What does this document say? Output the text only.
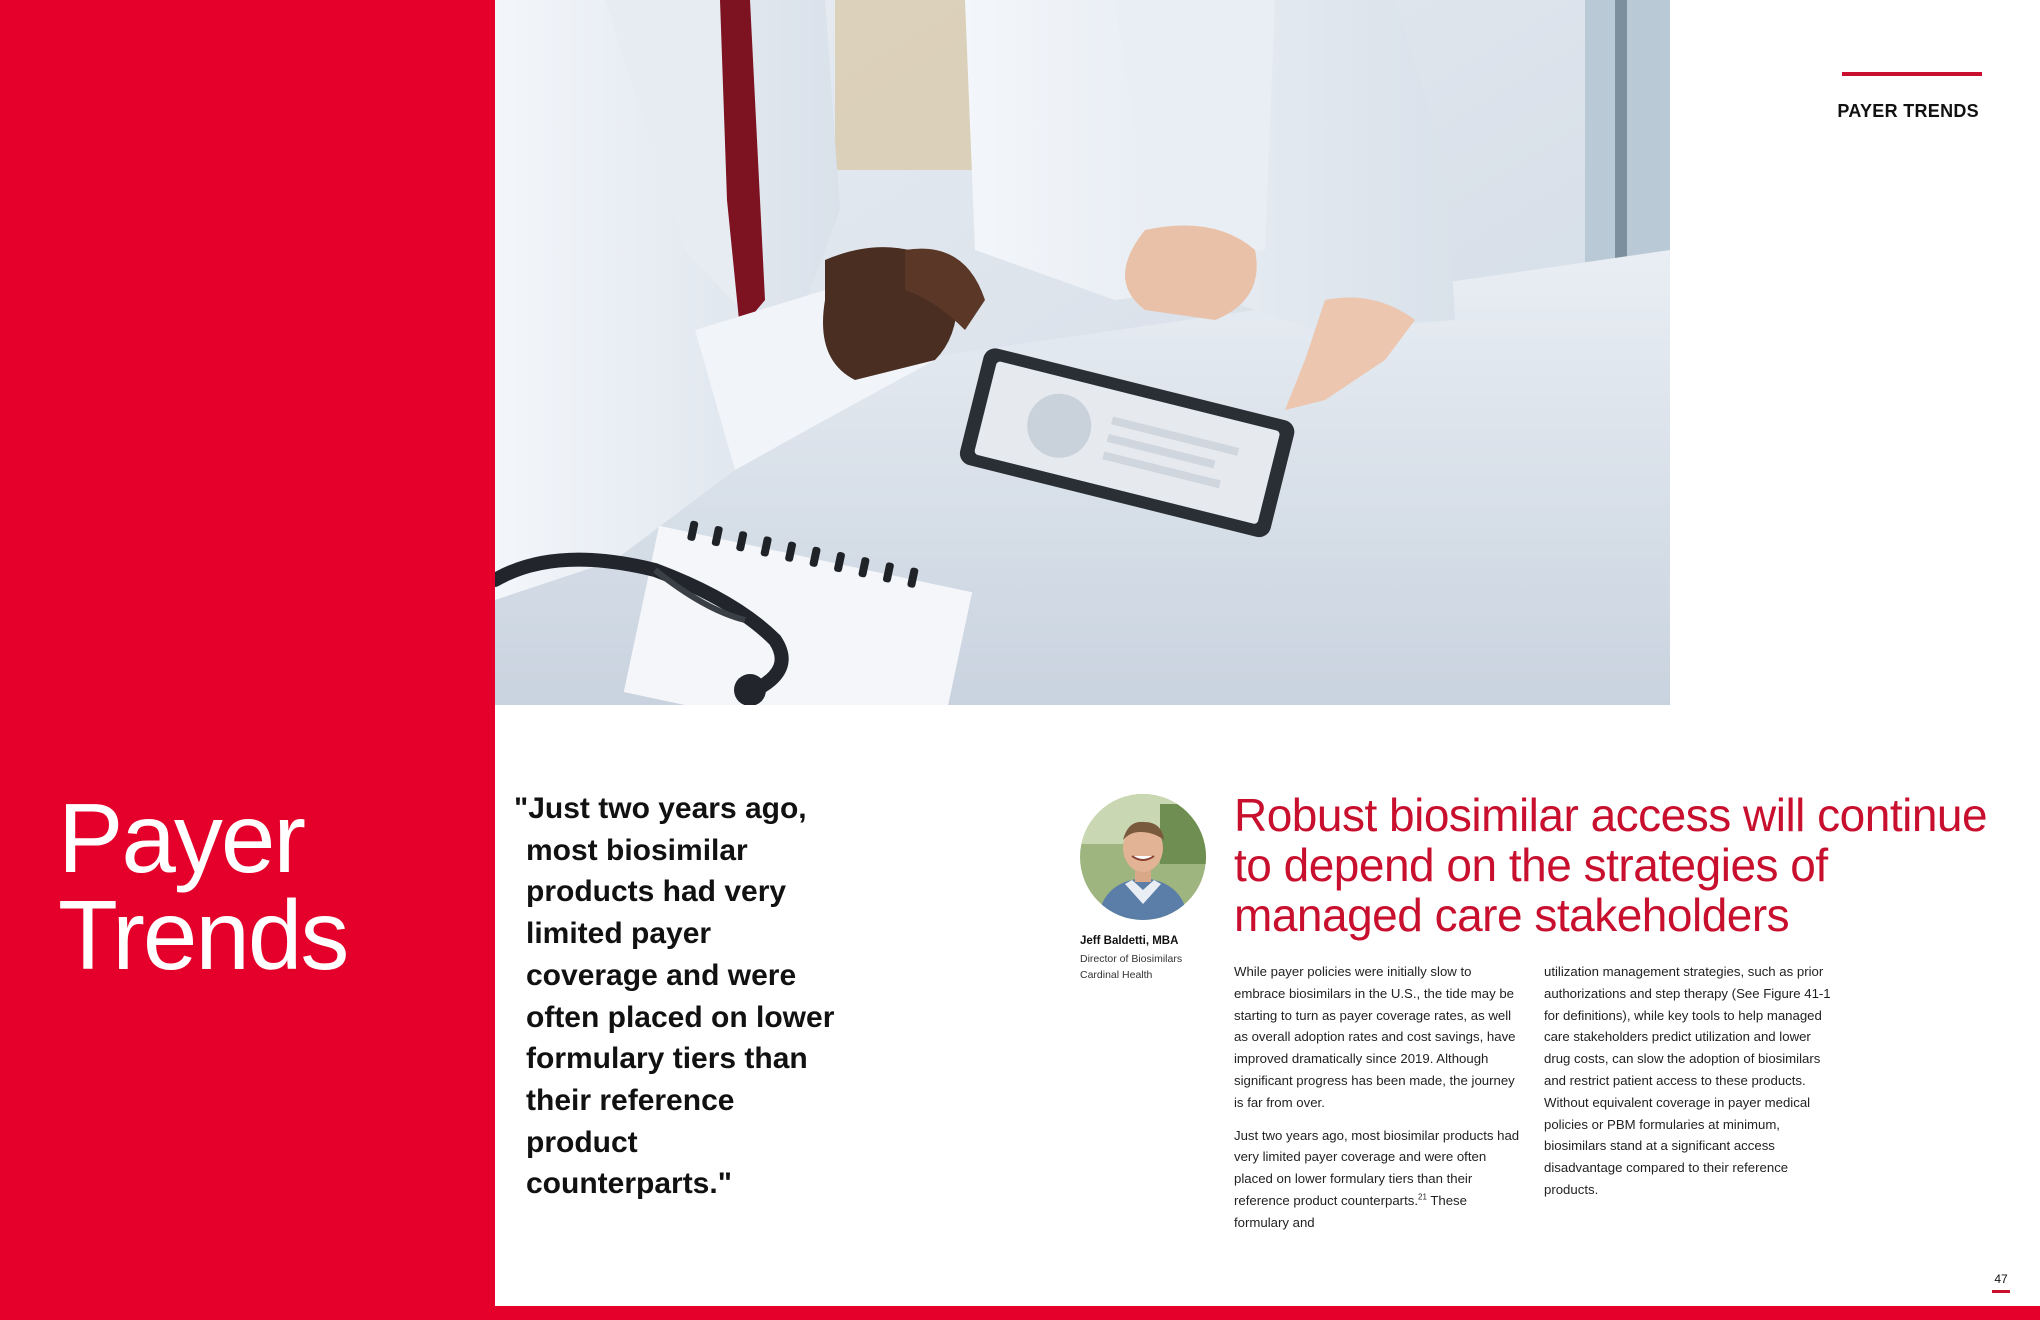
Payer
Trends
PAYER TRENDS
"Just two years ago, most biosimilar products had very limited payer coverage and were often placed on lower formulary tiers than their reference product counterparts."
Jeff Baldetti, MBA
Director of Biosimilars
Cardinal Health
Robust biosimilar access will continue to depend on the strategies of managed care stakeholders

While payer policies were initially slow to embrace biosimilars in the U.S., the tide may be starting to turn as payer coverage rates, as well as overall adoption rates and cost savings, have improved dramatically since 2019. Although significant progress has been made, the journey is far from over.

Just two years ago, most biosimilar products had very limited payer coverage and were often placed on lower formulary tiers than their reference product counterparts.$^{21}$ These formulary and

utilization management strategies, such as prior authorizations and step therapy (See Figure 41-1 for definitions), while key tools to help managed care stakeholders predict utilization and lower drug costs, can slow the adoption of biosimilars and restrict patient access to these products. Without equivalent coverage in payer medical policies or PBM formularies at minimum, biosimilars stand at a significant access disadvantage compared to their reference products.

47
